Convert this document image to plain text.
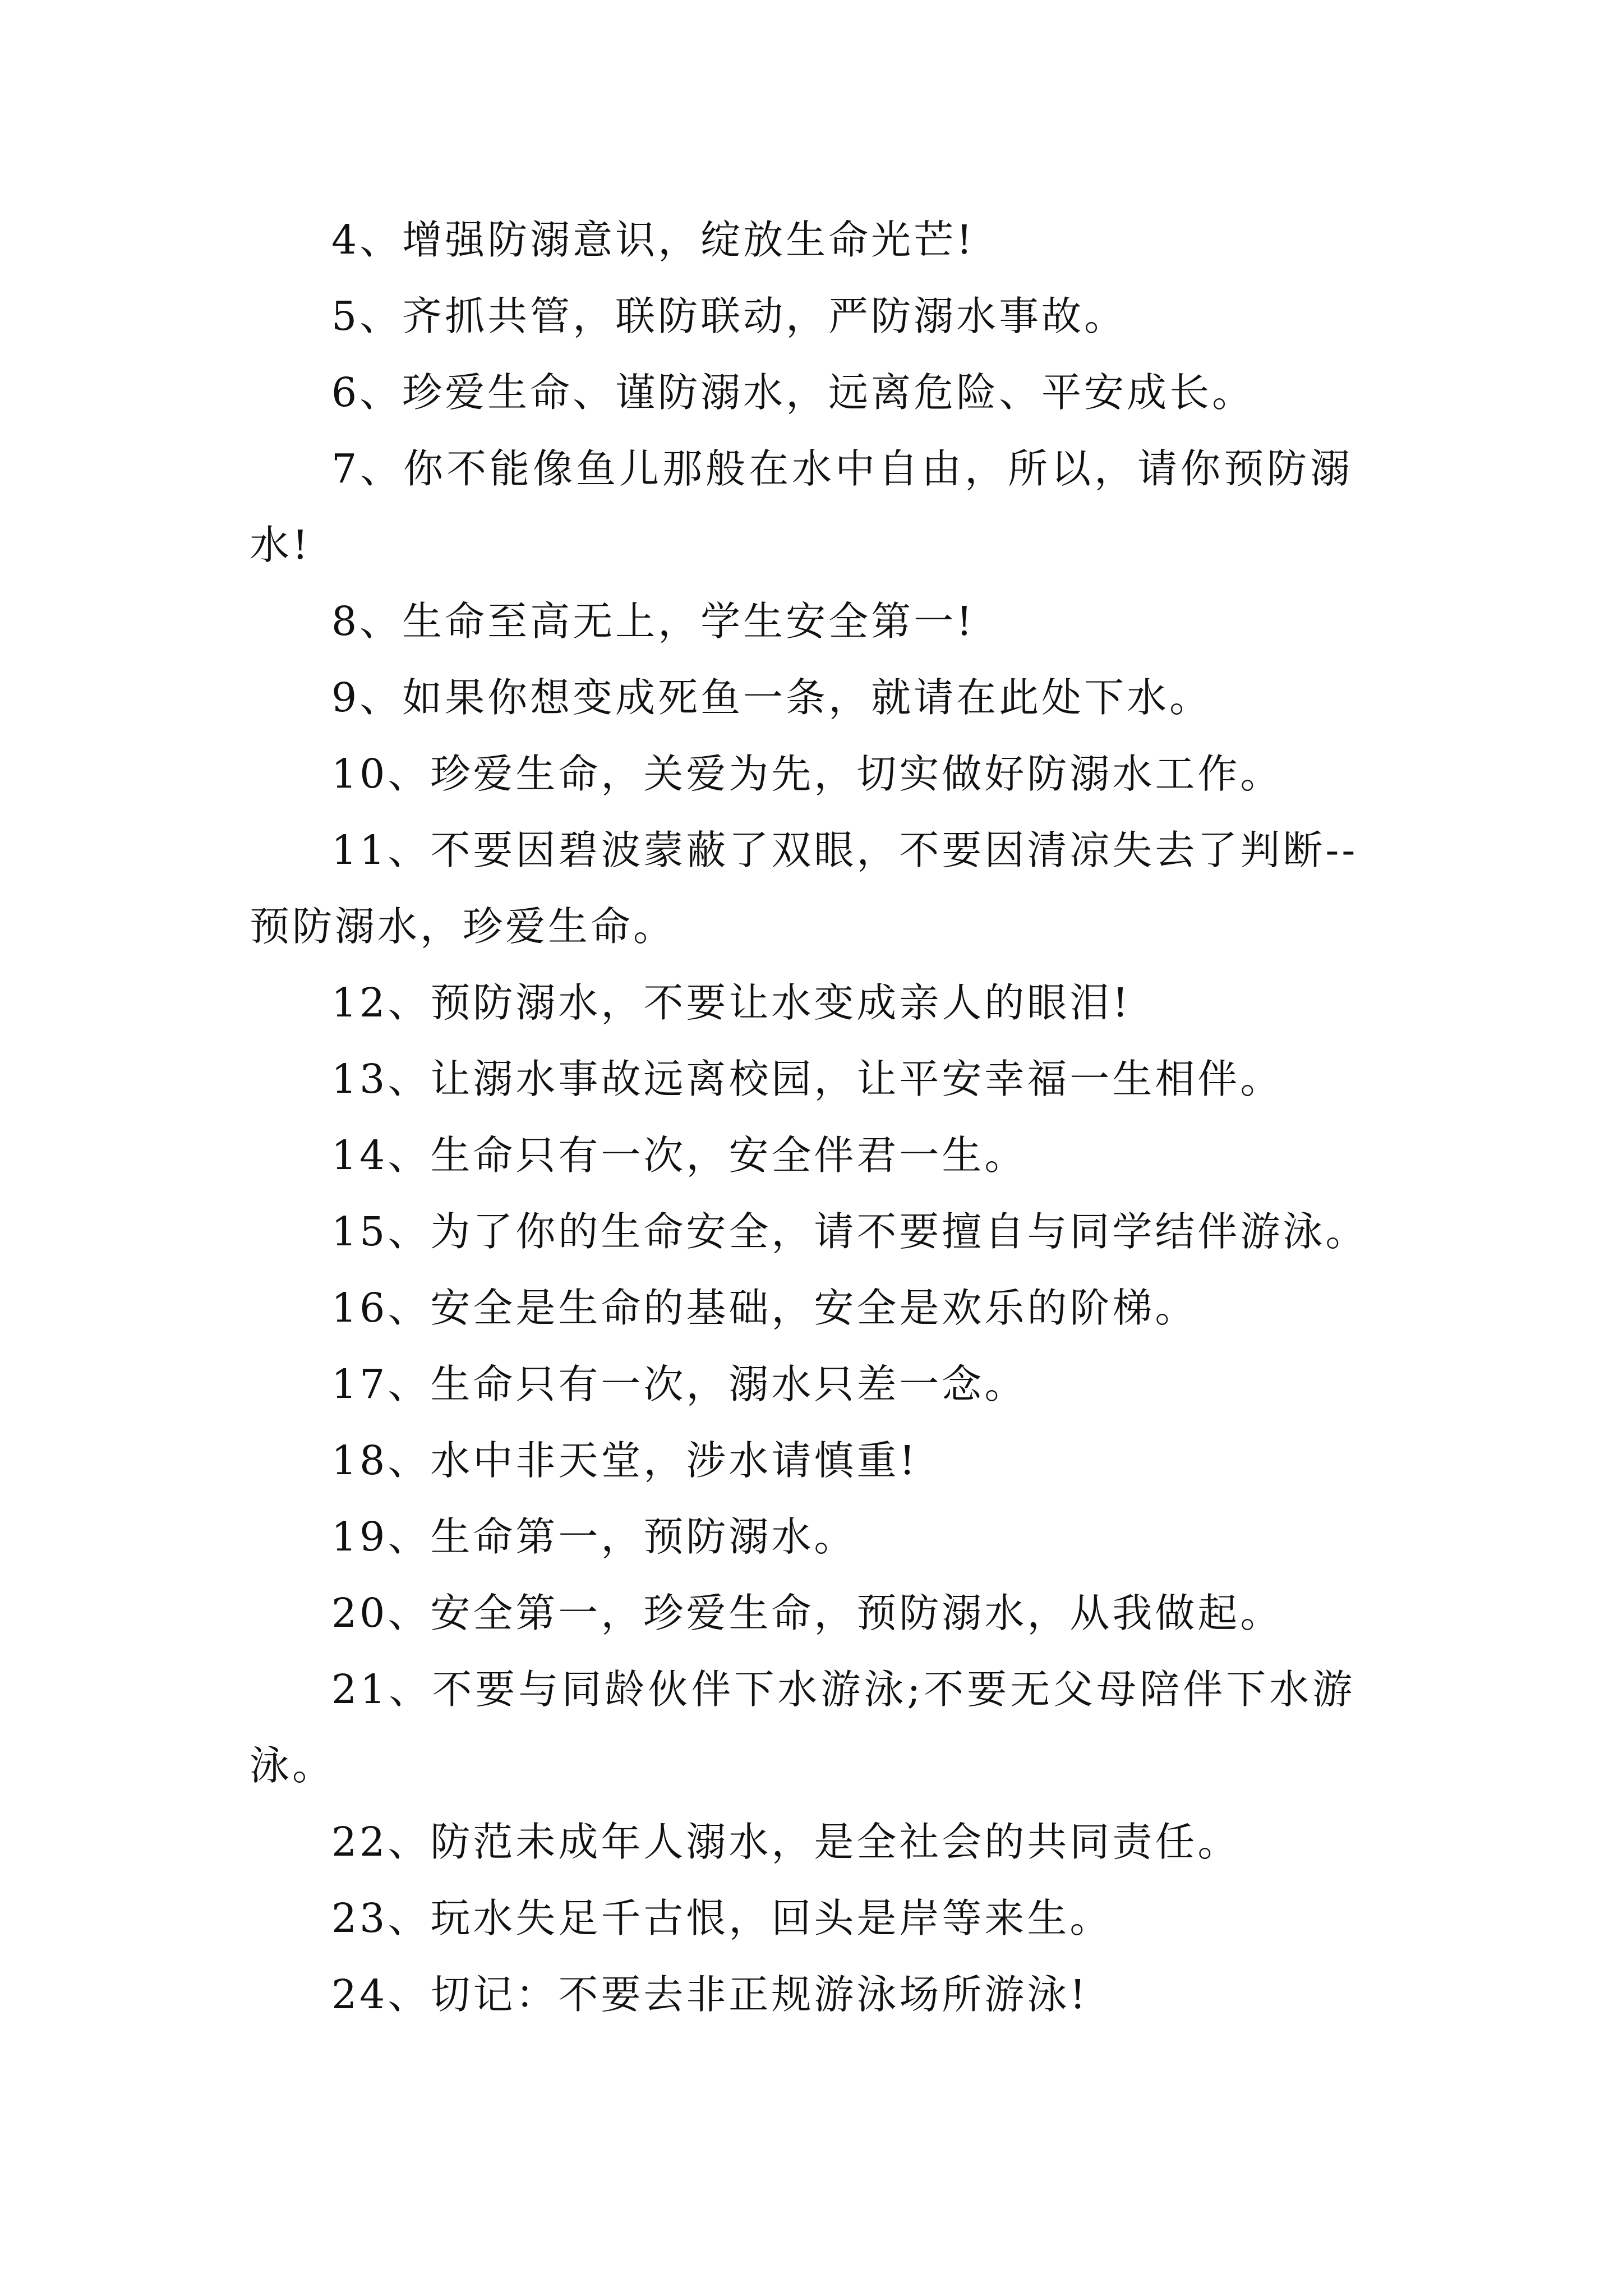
4、增强防溺意识，绽放生命光芒!

5、齐抓共管，联防联动，严防溺水事故。

6、珍爱生命、谨防溺水，远离危险、平安成长。

7、你不能像鱼儿那般在水中自由，所以，请你预防溺

水!

8、生命至高无上，学生安全第一!

9、如果你想变成死鱼一条，就请在此处下水。

10、珍爱生命，关爱为先，切实做好防溺水工作。

11、不要因碧波蒙蔽了双眼，不要因清凉失去了判断--

预防溺水，珍爱生命。

12、预防溺水，不要让水变成亲人的眼泪!

13、让溺水事故远离校园，让平安幸福一生相伴。

14、生命只有一次，安全伴君一生。

15、为了你的生命安全，请不要擅自与同学结伴游泳。

16、安全是生命的基础，安全是欢乐的阶梯。

17、生命只有一次，溺水只差一念。

18、水中非天堂，涉水请慎重!

19、生命第一，预防溺水。

20、安全第一，珍爱生命，预防溺水，从我做起。

21、不要与同龄伙伴下水游泳;不要无父母陪伴下水游

泳。

22、防范未成年人溺水，是全社会的共同责任。

23、玩水失足千古恨，回头是岸等来生。

24、切记：不要去非正规游泳场所游泳!
